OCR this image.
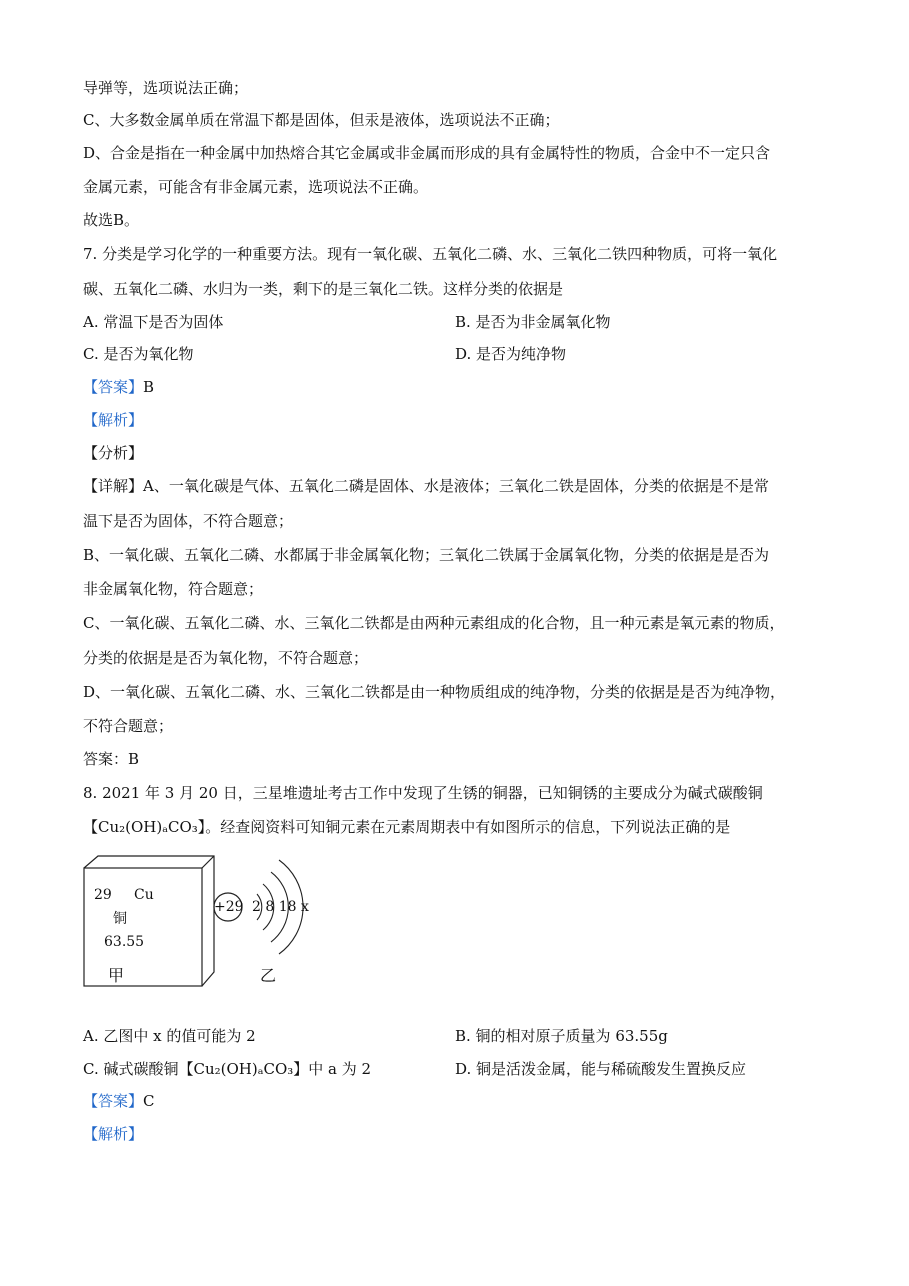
导弹等，选项说法正确；
C、大多数金属单质在常温下都是固体，但汞是液体，选项说法不正确；
D、合金是指在一种金属中加热熔合其它金属或非金属而形成的具有金属特性的物质，合金中不一定只含
金属元素，可能含有非金属元素，选项说法不正确。
故选B。
7. 分类是学习化学的一种重要方法。现有一氧化碳、五氧化二磷、水、三氧化二铁四种物质，可将一氧化
碳、五氧化二磷、水归为一类，剩下的是三氧化二铁。这样分类的依据是
A. 常温下是否为固体	B. 是否为非金属氧化物
C. 是否为氧化物	D. 是否为纯净物
【答案】B
【解析】
【分析】
【详解】A、一氧化碳是气体、五氧化二磷是固体、水是液体；三氧化二铁是固体，分类的依据是不是常
温下是否为固体，不符合题意；
B、一氧化碳、五氧化二磷、水都属于非金属氧化物；三氧化二铁属于金属氧化物，分类的依据是是否为
非金属氧化物，符合题意；
C、一氧化碳、五氧化二磷、水、三氧化二铁都是由两种元素组成的化合物，且一种元素是氧元素的物质，
分类的依据是是否为氧化物，不符合题意；
D、一氧化碳、五氧化二磷、水、三氧化二铁都是由一种物质组成的纯净物，分类的依据是是否为纯净物，
不符合题意；
答案：B
8. 2021 年 3 月 20 日，三星堆遗址考古工作中发现了生锈的铜器，已知铜锈的主要成分为碱式碳酸铜
【Cu₂(OH)ₐCO₃】。经查阅资料可知铜元素在元素周期表中有如图所示的信息，下列说法正确的是
29 Cu
铜
63.55
甲
+29 2 8 18 x
乙
A. 乙图中 x 的值可能为 2	B. 铜的相对原子质量为 63.55g
C. 碱式碳酸铜【Cu₂(OH)ₐCO₃】中 a 为 2	D. 铜是活泼金属，能与稀硫酸发生置换反应
【答案】C
【解析】
